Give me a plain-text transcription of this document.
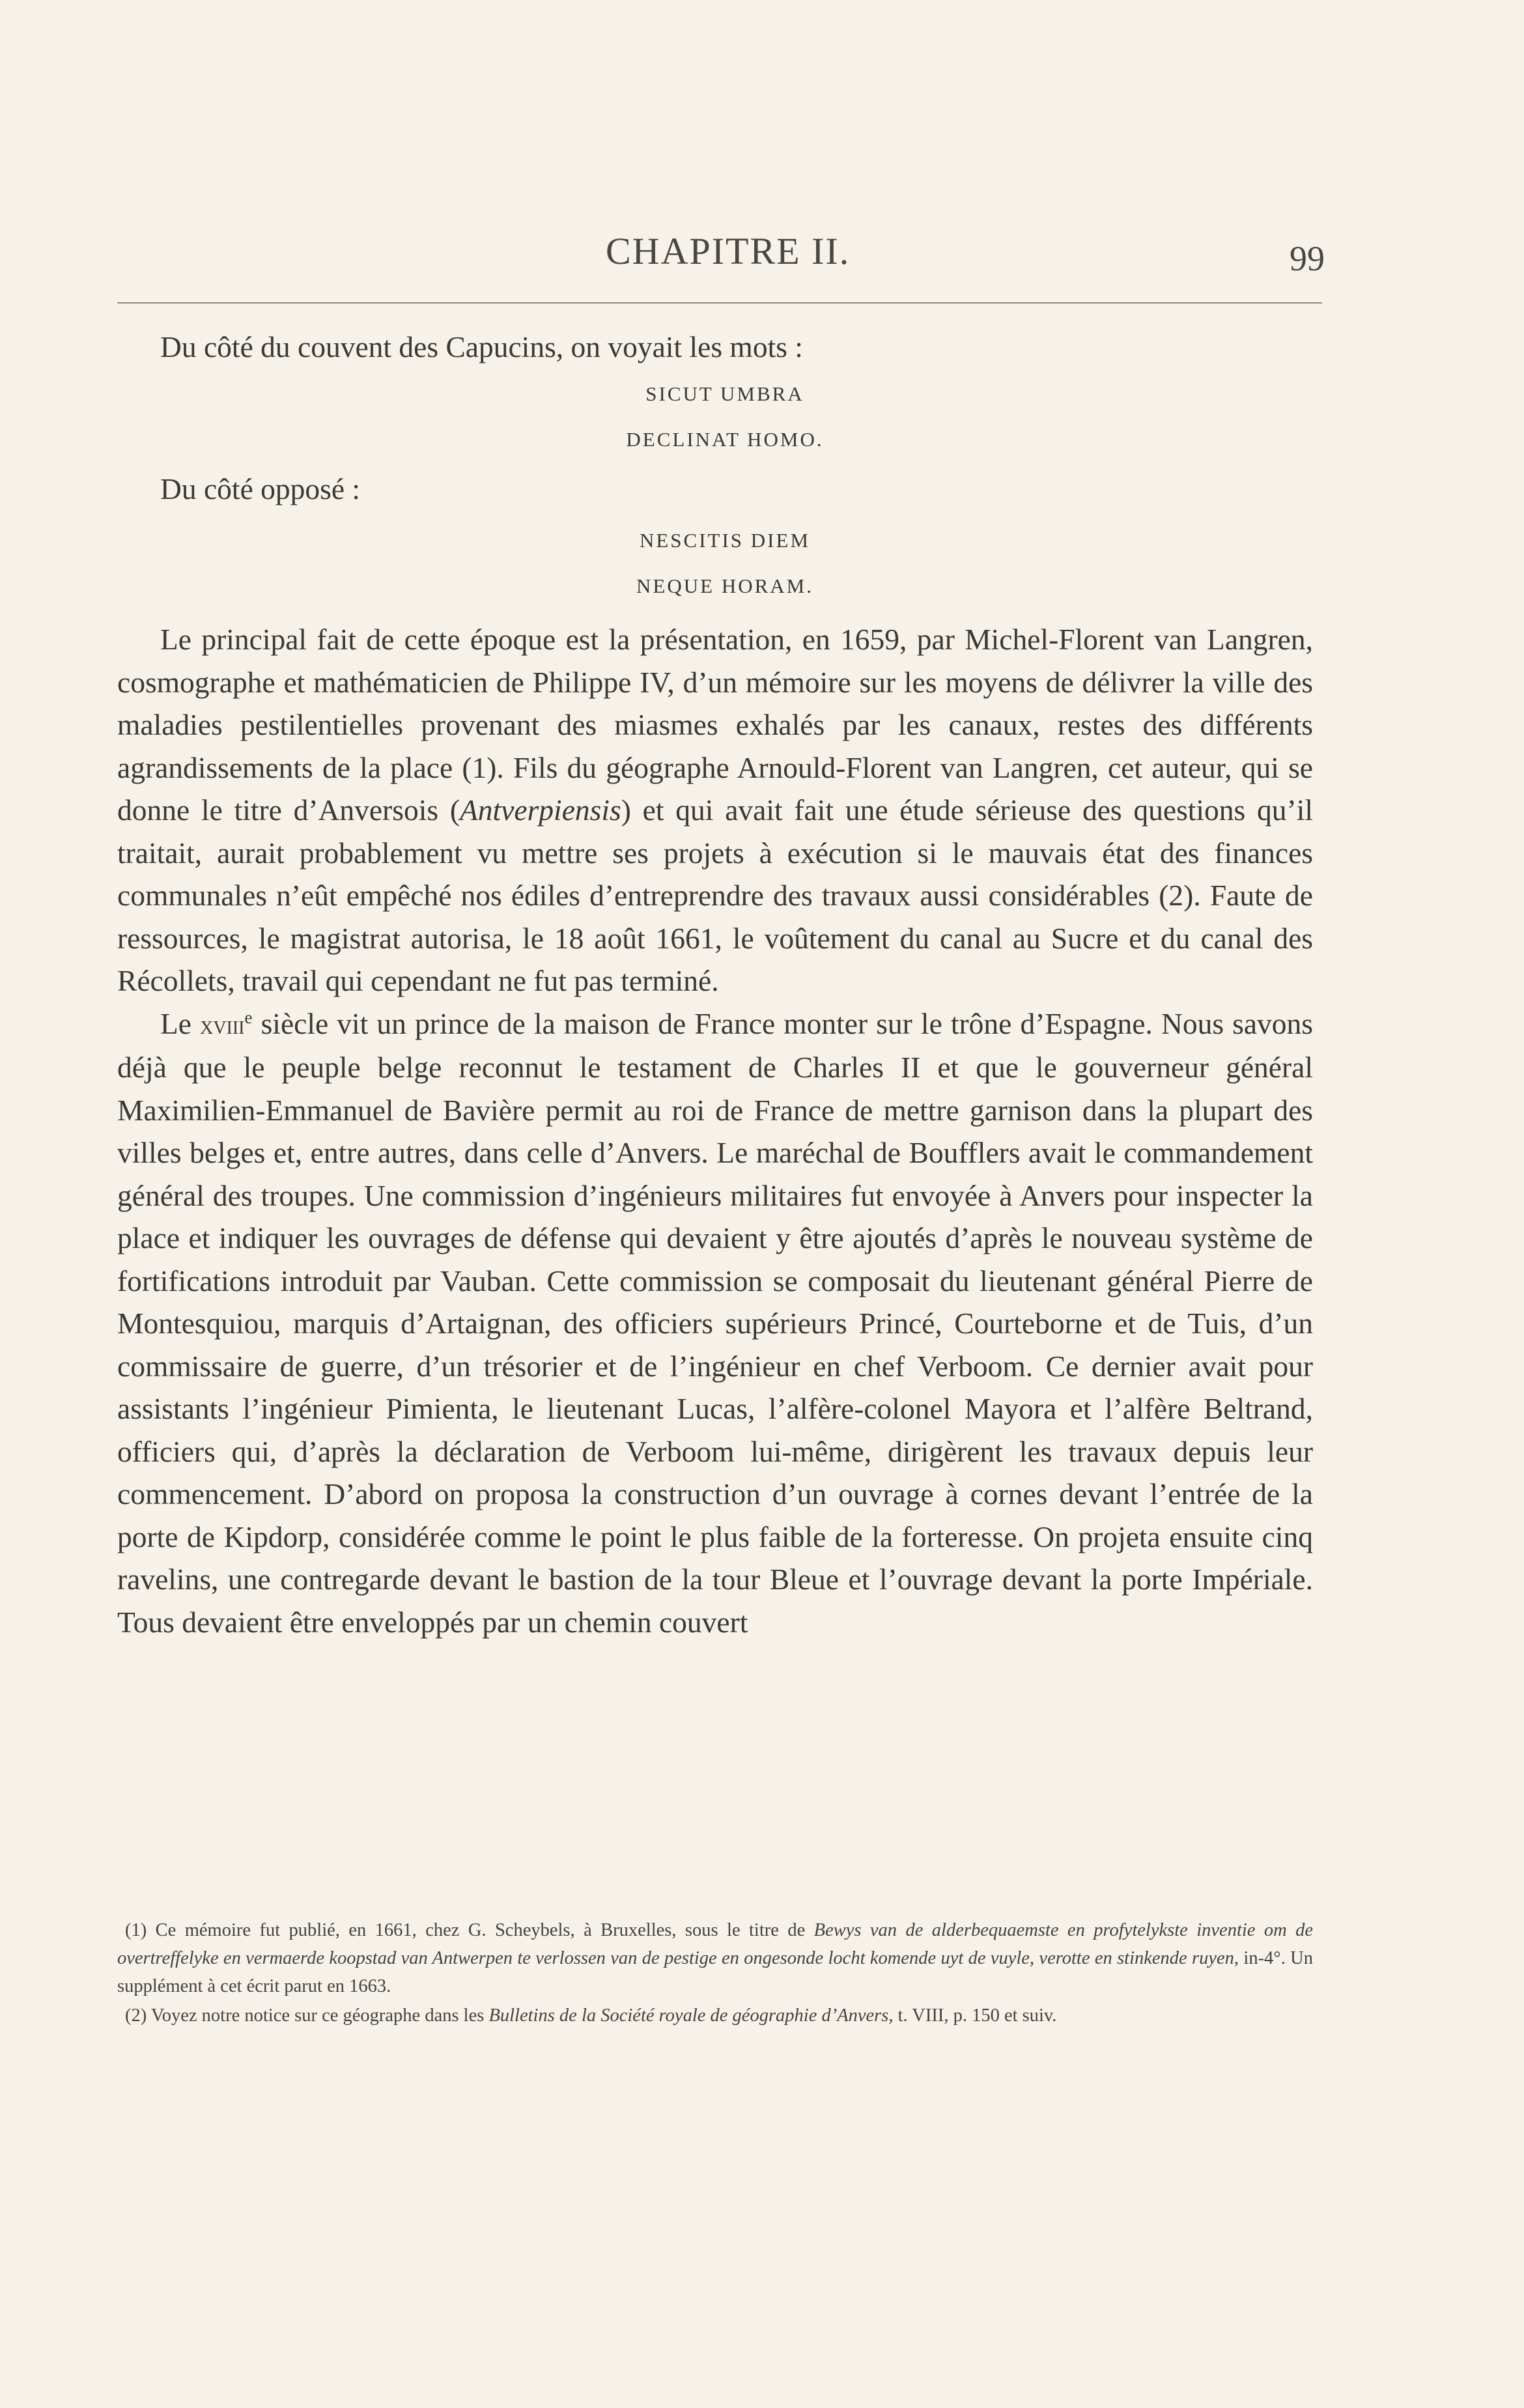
CHAPITRE II.	99

Du côté du couvent des Capucins, on voyait les mots :

SICUT UMBRA

DECLINAT HOMO.

Du côté opposé :

NESCITIS DIEM

NEQUE HORAM.

Le principal fait de cette époque est la présentation, en 1659, par Michel-Florent van Langren, cosmographe et mathématicien de Philippe IV, d’un mémoire sur les moyens de délivrer la ville des maladies pestilentielles provenant des miasmes exhalés par les canaux, restes des différents agrandissements de la place (1). Fils du géographe Arnould-Florent van Langren, cet auteur, qui se donne le titre d’Anversois (Antverpiensis) et qui avait fait une étude sérieuse des questions qu’il traitait, aurait probablement vu mettre ses projets à exécution si le mauvais état des finances communales n’eût empêché nos édiles d’entreprendre des travaux aussi considérables (2). Faute de ressources, le magistrat autorisa, le 18 août 1661, le voûtement du canal au Sucre et du canal des Récollets, travail qui cependant ne fut pas terminé.

Le xviii$^e$ siècle vit un prince de la maison de France monter sur le trône d’Espagne. Nous savons déjà que le peuple belge reconnut le testament de Charles II et que le gouverneur général Maximilien-Emmanuel de Bavière permit au roi de France de mettre garnison dans la plupart des villes belges et, entre autres, dans celle d’Anvers. Le maréchal de Boufflers avait le commandement général des troupes. Une commission d’ingénieurs militaires fut envoyée à Anvers pour inspecter la place et indiquer les ouvrages de défense qui devaient y être ajoutés d’après le nouveau système de fortifications introduit par Vauban. Cette commission se composait du lieutenant général Pierre de Montesquiou, marquis d’Artaignan, des officiers supérieurs Princé, Courteborne et de Tuis, d’un commissaire de guerre, d’un trésorier et de l’ingénieur en chef Verboom. Ce dernier avait pour assistants l’ingénieur Pimienta, le lieutenant Lucas, l’alfère-colonel Mayora et l’alfère Beltrand, officiers qui, d’après la déclaration de Verboom lui-même, dirigèrent les travaux depuis leur commencement. D’abord on proposa la construction d’un ouvrage à cornes devant l’entrée de la porte de Kipdorp, considérée comme le point le plus faible de la forteresse. On projeta ensuite cinq ravelins, une contregarde devant le bastion de la tour Bleue et l’ouvrage devant la porte Impériale. Tous devaient être enveloppés par un chemin couvert

(1) Ce mémoire fut publié, en 1661, chez G. Scheybels, à Bruxelles, sous le titre de Bewys van de alderbequaemste en profytelykste inventie om de overtreffelyke en vermaerde koopstad van Antwerpen te verlossen van de pestige en ongesonde locht komende uyt de vuyle, verotte en stinkende ruyen, in-4°. Un supplément à cet écrit parut en 1663.

(2) Voyez notre notice sur ce géographe dans les Bulletins de la Société royale de géographie d’Anvers, t. VIII, p. 150 et suiv.
